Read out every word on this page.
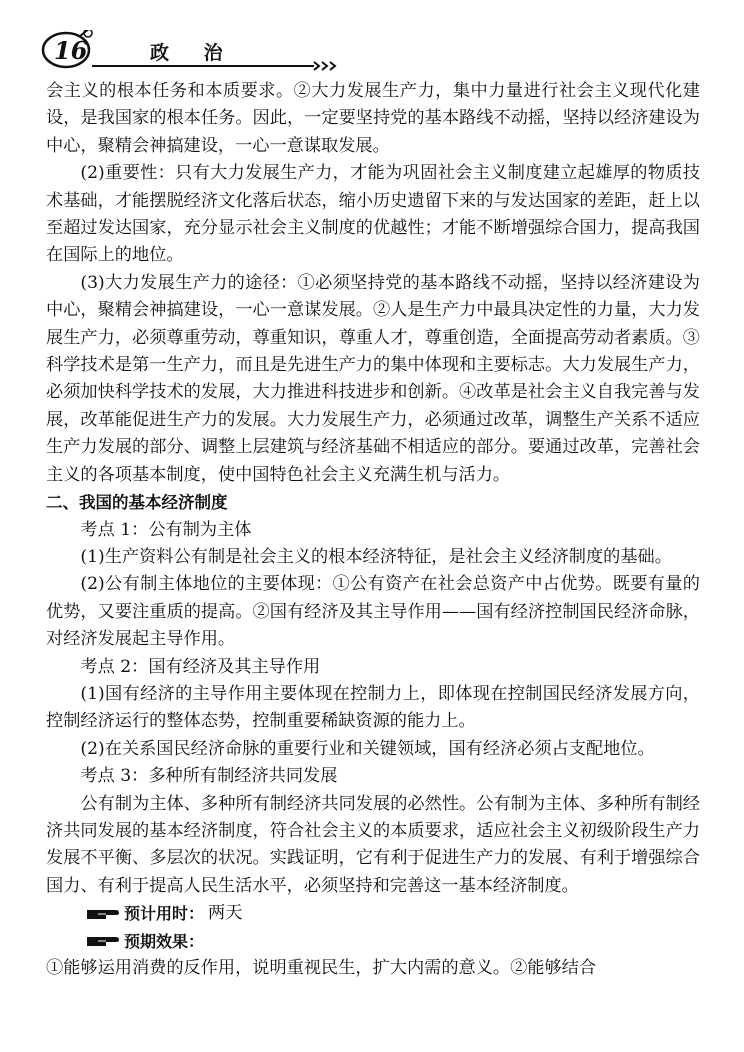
16	政 治

会主义的根本任务和本质要求。②大力发展生产力，集中力量进行社会主义现代化建设，是我国家的根本任务。因此，一定要坚持党的基本路线不动摇，坚持以经济建设为中心，聚精会神搞建设，一心一意谋取发展。

(2)重要性：只有大力发展生产力，才能为巩固社会主义制度建立起雄厚的物质技术基础，才能摆脱经济文化落后状态，缩小历史遗留下来的与发达国家的差距，赶上以至超过发达国家，充分显示社会主义制度的优越性；才能不断增强综合国力，提高我国在国际上的地位。

(3)大力发展生产力的途径：①必须坚持党的基本路线不动摇，坚持以经济建设为中心，聚精会神搞建设，一心一意谋发展。②人是生产力中最具决定性的力量，大力发展生产力，必须尊重劳动，尊重知识，尊重人才，尊重创造，全面提高劳动者素质。③科学技术是第一生产力，而且是先进生产力的集中体现和主要标志。大力发展生产力，必须加快科学技术的发展，大力推进科技进步和创新。④改革是社会主义自我完善与发展，改革能促进生产力的发展。大力发展生产力，必须通过改革，调整生产关系不适应生产力发展的部分、调整上层建筑与经济基础不相适应的部分。要通过改革，完善社会主义的各项基本制度，使中国特色社会主义充满生机与活力。

二、我国的基本经济制度

考点 1：公有制为主体

(1)生产资料公有制是社会主义的根本经济特征，是社会主义经济制度的基础。

(2)公有制主体地位的主要体现：①公有资产在社会总资产中占优势。既要有量的优势，又要注重质的提高。②国有经济及其主导作用——国有经济控制国民经济命脉，对经济发展起主导作用。

考点 2：国有经济及其主导作用

(1)国有经济的主导作用主要体现在控制力上，即体现在控制国民经济发展方向，控制经济运行的整体态势，控制重要稀缺资源的能力上。

(2)在关系国民经济命脉的重要行业和关键领域，国有经济必须占支配地位。

考点 3：多种所有制经济共同发展

公有制为主体、多种所有制经济共同发展的必然性。公有制为主体、多种所有制经济共同发展的基本经济制度，符合社会主义的本质要求，适应社会主义初级阶段生产力发展不平衡、多层次的状况。实践证明，它有利于促进生产力的发展、有利于增强综合国力、有利于提高人民生活水平，必须坚持和完善这一基本经济制度。

预计用时： 两天
预期效果：

①能够运用消费的反作用，说明重视民生，扩大内需的意义。②能够结合
